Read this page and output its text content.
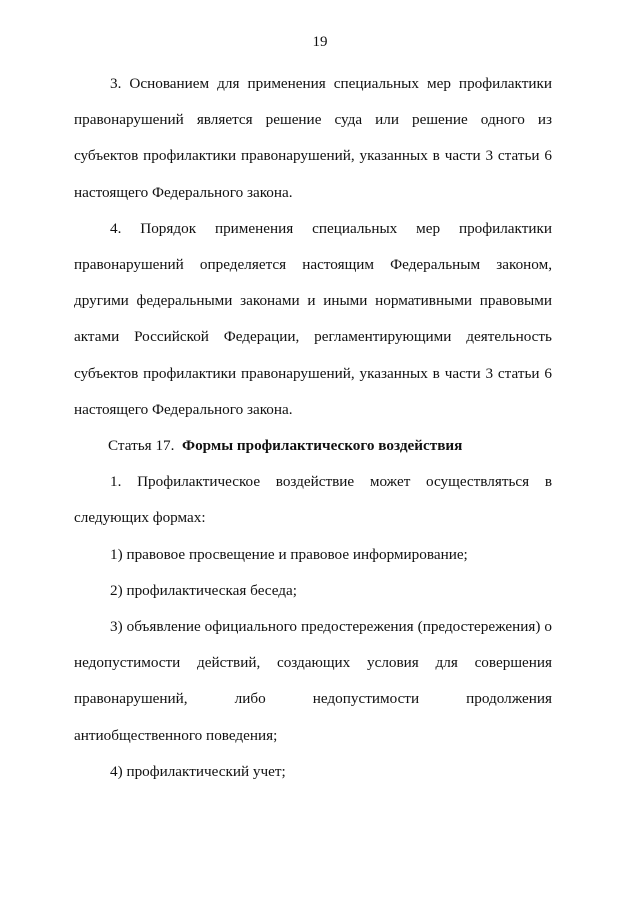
19

3. Основанием для применения специальных мер профилактики правонарушений является решение суда или решение одного из субъектов профилактики правонарушений, указанных в части 3 статьи 6 настоящего Федерального закона.

4. Порядок применения специальных мер профилактики правонарушений определяется настоящим Федеральным законом, другими федеральными законами и иными нормативными правовыми актами Российской Федерации, регламентирующими деятельность субъектов профилактики правонарушений, указанных в части 3 статьи 6 настоящего Федерального закона.

Статья 17. Формы профилактического воздействия

1. Профилактическое воздействие может осуществляться в следующих формах:

1) правовое просвещение и правовое информирование;

2) профилактическая беседа;

3) объявление официального предостережения (предостережения) о недопустимости действий, создающих условия для совершения правонарушений, либо недопустимости продолжения антиобщественного поведения;

4) профилактический учет;
